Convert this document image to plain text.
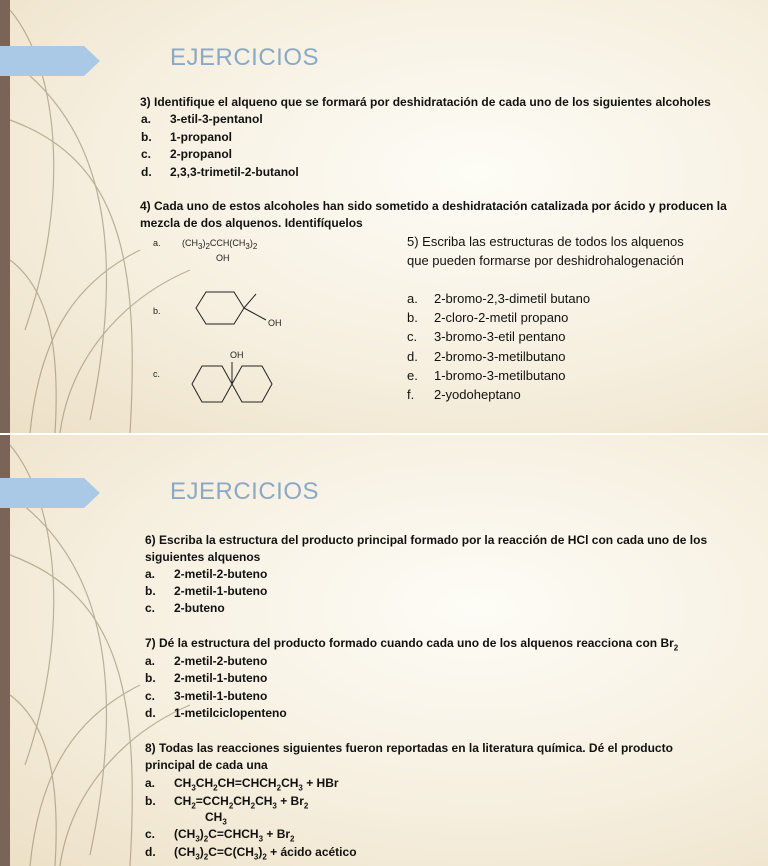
EJERCICIOS
3) Identifique el alqueno que se formará por deshidratación de cada uno de los siguientes alcoholes
a. 3-etil-3-pentanol
b. 1-propanol
c. 2-propanol
d. 2,3,3-trimetil-2-butanol
4) Cada uno de estos alcoholes han sido sometido a deshidratación catalizada por ácido y producen la
mezcla de dos alquenos. Identifíquelos
a. $(CH_3)_2CCH(CH_3)_2$
OH
b.
OH
c.
OH
5) Escriba las estructuras de todos los alquenos
que pueden formarse por deshidrohalogenación
a. 2-bromo-2,3-dimetil butano
b. 2-cloro-2-metil propano
c. 3-bromo-3-etil pentano
d. 2-bromo-3-metilbutano
e. 1-bromo-3-metilbutano
f. 2-yodoheptano
EJERCICIOS
6) Escriba la estructura del producto principal formado por la reacción de HCl con cada uno de los
siguientes alquenos
a. 2-metil-2-buteno
b. 2-metil-1-buteno
c. 2-buteno
7) Dé la estructura del producto formado cuando cada uno de los alquenos reacciona con $Br_2$
a. 2-metil-2-buteno
b. 2-metil-1-buteno
c. 3-metil-1-buteno
d. 1-metilciclopenteno
8) Todas las reacciones siguientes fueron reportadas en la literatura química. Dé el producto
principal de cada una
a. $CH_3CH_2CH=CHCH_2CH_3$ + HBr
b. $CH_2=CCH_2CH_2CH_3 + Br_2$
$CH_3$
c. $(CH_3)_2C=CHCH_3 + Br_2$
d. $(CH_3)_2C=C(CH_3)_2$ + ácido acético
